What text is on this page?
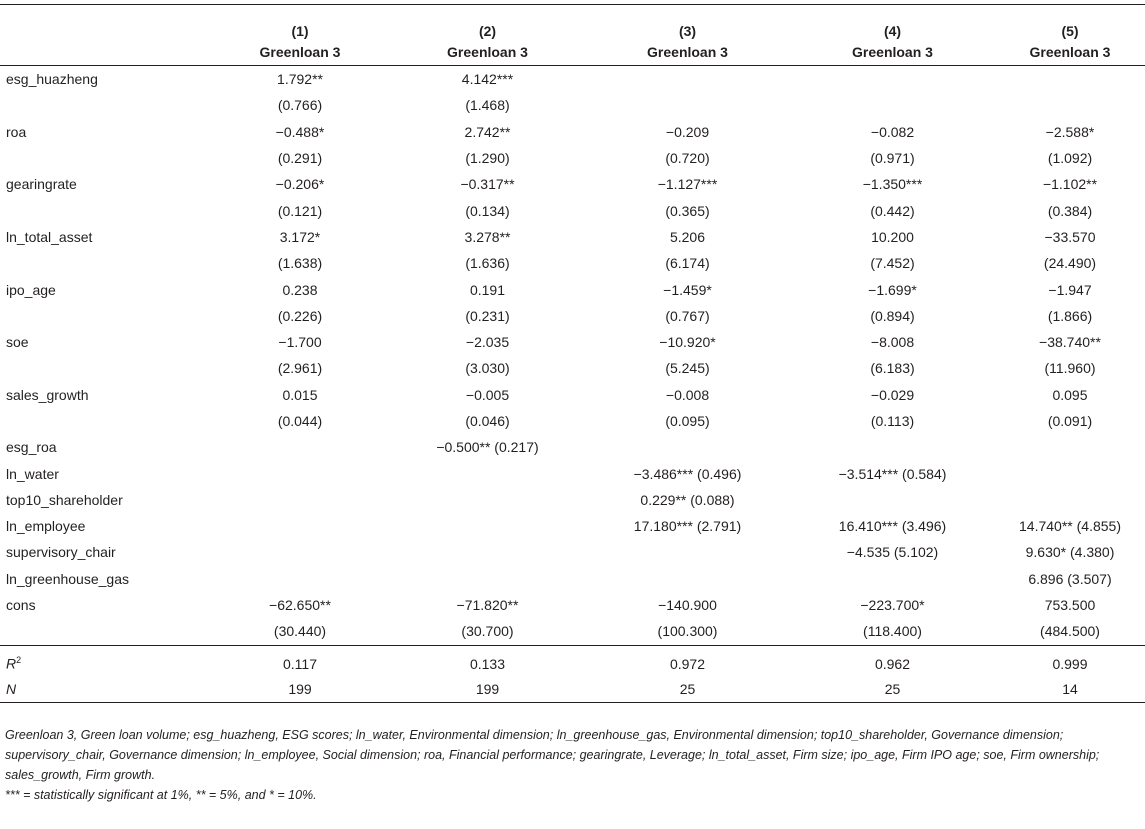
	(1)	(2)	(3)	(4)	(5)
	Greenloan 3	Greenloan 3	Greenloan 3	Greenloan 3	Greenloan 3
esg_huazheng	1.792**	4.142***			
	(0.766)	(1.468)			
roa	−0.488*	2.742**	−0.209	−0.082	−2.588*
	(0.291)	(1.290)	(0.720)	(0.971)	(1.092)
gearingrate	−0.206*	−0.317**	−1.127***	−1.350***	−1.102**
	(0.121)	(0.134)	(0.365)	(0.442)	(0.384)
ln_total_asset	3.172*	3.278**	5.206	10.200	−33.570
	(1.638)	(1.636)	(6.174)	(7.452)	(24.490)
ipo_age	0.238	0.191	−1.459*	−1.699*	−1.947
	(0.226)	(0.231)	(0.767)	(0.894)	(1.866)
soe	−1.700	−2.035	−10.920*	−8.008	−38.740**
	(2.961)	(3.030)	(5.245)	(6.183)	(11.960)
sales_growth	0.015	−0.005	−0.008	−0.029	0.095
	(0.044)	(0.046)	(0.095)	(0.113)	(0.091)
esg_roa		−0.500** (0.217)			
ln_water			−3.486*** (0.496)	−3.514*** (0.584)	
top10_shareholder			0.229** (0.088)		
ln_employee			17.180*** (2.791)	16.410*** (3.496)	14.740** (4.855)
supervisory_chair				−4.535 (5.102)	9.630* (4.380)
ln_greenhouse_gas					6.896 (3.507)
cons	−62.650**	−71.820**	−140.900	−223.700*	753.500
	(30.440)	(30.700)	(100.300)	(118.400)	(484.500)
$R^2$	0.117	0.133	0.972	0.962	0.999
N	199	199	25	25	14

Greenloan 3, Green loan volume; esg_huazheng, ESG scores; ln_water, Environmental dimension; ln_greenhouse_gas, Environmental dimension; top10_shareholder, Governance dimension; supervisory_chair, Governance dimension; ln_employee, Social dimension; roa, Financial performance; gearingrate, Leverage; ln_total_asset, Firm size; ipo_age, Firm IPO age; soe, Firm ownership; sales_growth, Firm growth.

*** = statistically significant at 1%, ** = 5%, and * = 10%.
